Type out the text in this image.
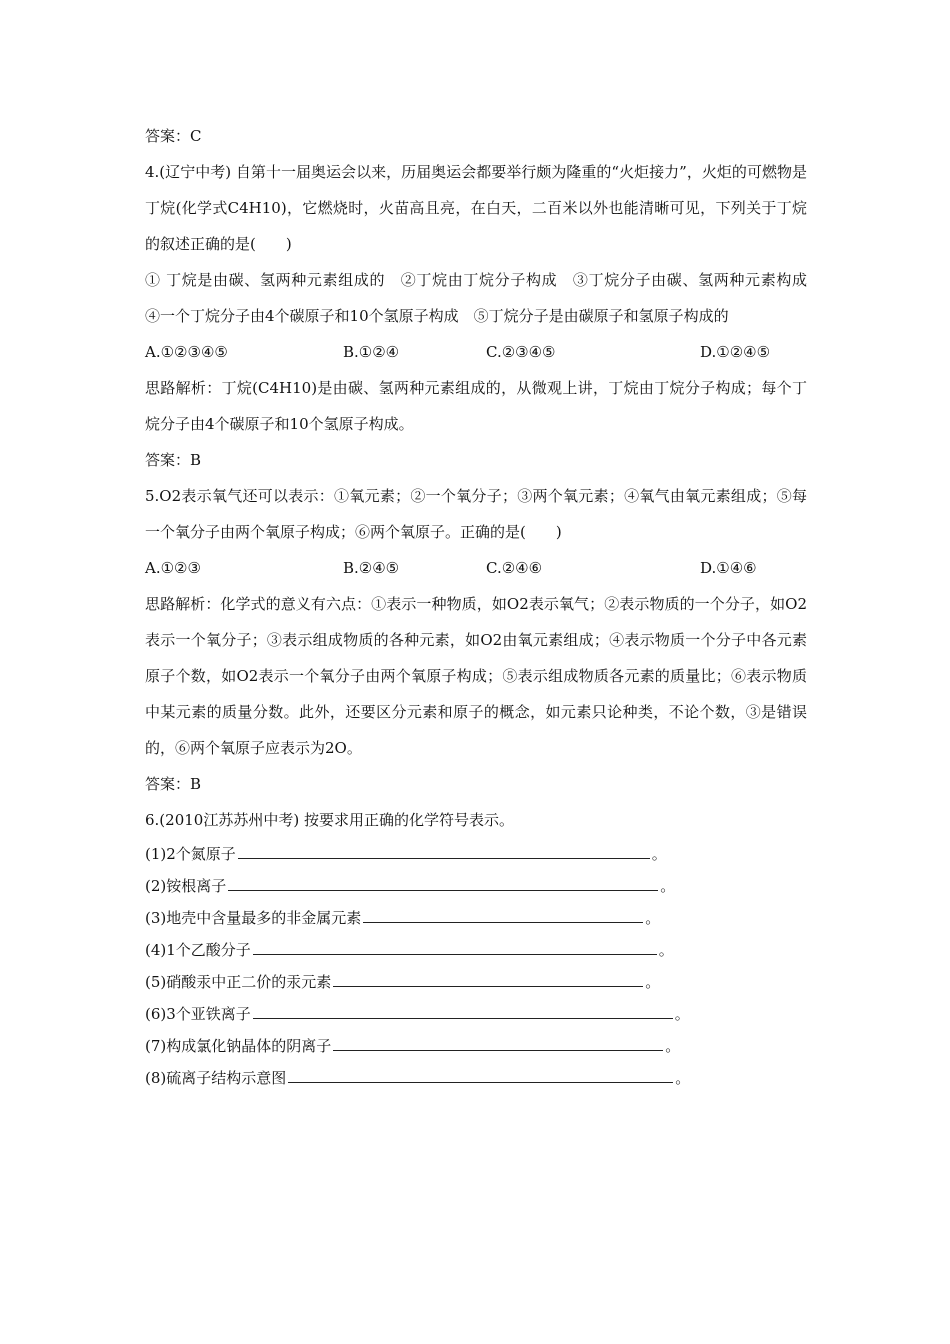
答案：C
4.(辽宁中考) 自第十一届奥运会以来，历届奥运会都要举行颇为隆重的“火炬接力”，火炬的可燃物是丁烷(化学式C4H10)，它燃烧时，火苗高且亮，在白天，二百米以外也能清晰可见，下列关于丁烷的叙述正确的是(　　)
① 丁烷是由碳、氢两种元素组成的　②丁烷由丁烷分子构成　③丁烷分子由碳、氢两种元素构成　④一个丁烷分子由4个碳原子和10个氢原子构成　⑤丁烷分子是由碳原子和氢原子构成的
A.①②③④⑤	B.①②④	C.②③④⑤	D.①②④⑤
思路解析：丁烷(C4H10)是由碳、氢两种元素组成的，从微观上讲，丁烷由丁烷分子构成；每个丁烷分子由4个碳原子和10个氢原子构成。
答案：B
5.O2表示氧气还可以表示：①氧元素；②一个氧分子；③两个氧元素；④氧气由氧元素组成；⑤每一个氧分子由两个氧原子构成；⑥两个氧原子。正确的是(　　)
A.①②③	B.②④⑤	C.②④⑥	D.①④⑥
思路解析：化学式的意义有六点：①表示一种物质，如O2表示氧气；②表示物质的一个分子，如O2表示一个氧分子；③表示组成物质的各种元素，如O2由氧元素组成；④表示物质一个分子中各元素原子个数，如O2表示一个氧分子由两个氧原子构成；⑤表示组成物质各元素的质量比；⑥表示物质中某元素的质量分数。此外，还要区分元素和原子的概念，如元素只论种类，不论个数，③是错误的，⑥两个氧原子应表示为2O。
答案：B
6.(2010江苏苏州中考) 按要求用正确的化学符号表示。
(1)2个氮原子	。
(2)铵根离子	。
(3)地壳中含量最多的非金属元素	。
(4)1个乙酸分子	。
(5)硝酸汞中正二价的汞元素	。
(6)3个亚铁离子	。
(7)构成氯化钠晶体的阴离子	。
(8)硫离子结构示意图	。
